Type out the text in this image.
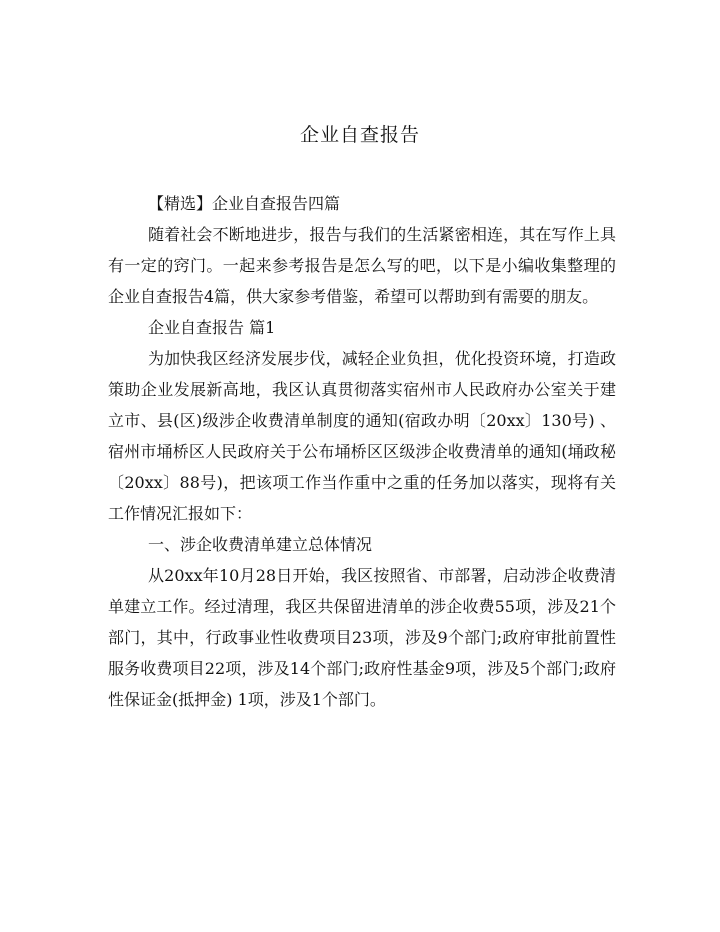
企业自查报告

【精选】企业自查报告四篇

随着社会不断地进步，报告与我们的生活紧密相连，其在写作上具有一定的窍门。一起来参考报告是怎么写的吧，以下是小编收集整理的企业自查报告4篇，供大家参考借鉴，希望可以帮助到有需要的朋友。

企业自查报告 篇1

为加快我区经济发展步伐，减轻企业负担，优化投资环境，打造政策助企业发展新高地，我区认真贯彻落实宿州市人民政府办公室关于建立市、县(区)级涉企收费清单制度的通知(宿政办明〔20xx〕130号) 、宿州市埇桥区人民政府关于公布埇桥区区级涉企收费清单的通知(埇政秘〔20xx〕88号)，把该项工作当作重中之重的任务加以落实，现将有关工作情况汇报如下：

一、涉企收费清单建立总体情况

从20xx年10月28日开始，我区按照省、市部署，启动涉企收费清单建立工作。经过清理，我区共保留进清单的涉企收费55项，涉及21个部门，其中，行政事业性收费项目23项，涉及9个部门;政府审批前置性服务收费项目22项，涉及14个部门;政府性基金9项，涉及5个部门;政府性保证金(抵押金) 1项，涉及1个部门。
